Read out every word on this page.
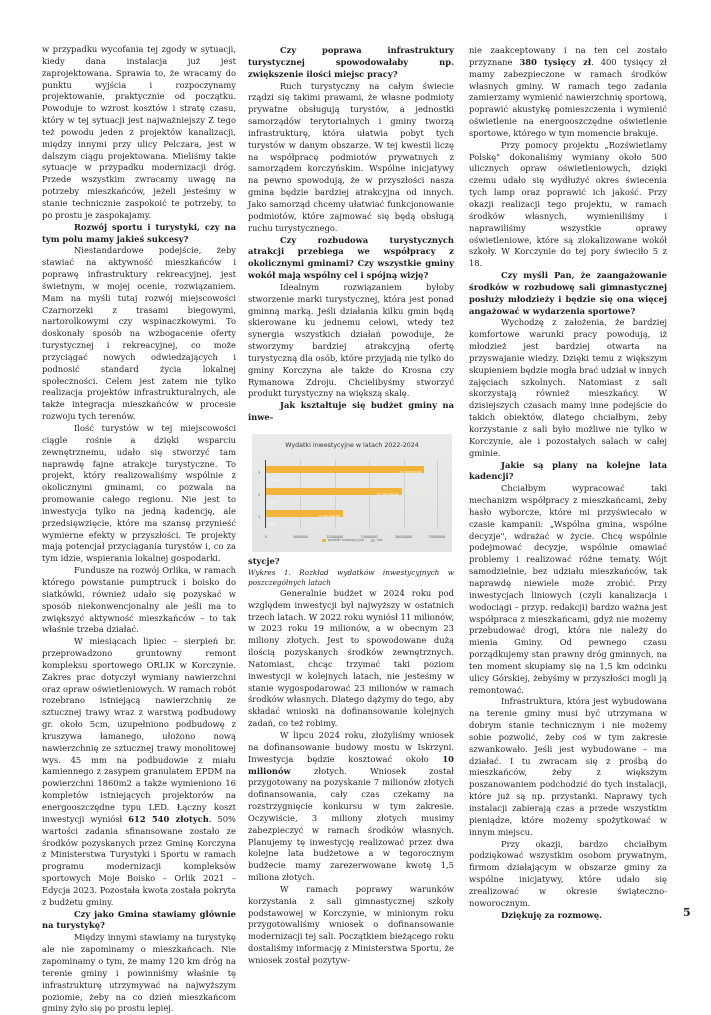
w przypadku wycofania tej zgody w sytuacji, kiedy dana instalacja już jest zaprojektowana. Sprawia to, że wracamy do punktu wyjścia i rozpoczynamy projektowanie, praktycznie od początku. Powoduje to wzrost kosztów i stratę czasu, który w tej sytuacji jest najważniejszy Z tego też powodu jeden z projektów kanalizacji, między innymi przy ulicy Pelczara, jest w dalszym ciągu projektowana. Mieliśmy takie sytuacje w przypadku modernizacji dróg. Przede wszystkim zwracamy uwagę na potrzeby mieszkańców, jeżeli jesteśmy w stanie technicznie zaspokoić te potrzeby, to po prostu je zaspokajamy.

Rozwój sportu i turystyki, czy na tym polu mamy jakieś sukcesy?

Niestandardowe podejście, żeby stawiać na aktywność mieszkańców i poprawę infrastruktury rekreacyjnej, jest świetnym, w mojej ocenie, rozwiązaniem. Mam na myśli tutaj rozwój miejscowości Czarnorzeki z trasami biegowymi, nartorolkowymi czy wspinaczkowymi. To doskonały sposób na wzbogacenie oferty turystycznej i rekreacyjnej, co może przyciągać nowych odwiedzających i podnosić standard życia lokalnej społeczności. Celem jest zatem nie tylko realizacja projektów infrastrukturalnych, ale także integracja mieszkańców w procesie rozwoju tych terenów.

Ilość turystów w tej miejscowości ciągle rośnie a dzięki wsparciu zewnętrznemu, udało się stworzyć tam naprawdę fajne atrakcje turystyczne. To projekt, który realizowaliśmy wspólnie z okolicznymi gminami, co pozwala na promowanie całego regionu. Nie jest to inwestycja tylko na jedną kadencję, ale przedsięwzięcie, które ma szansę przynieść wymierne efekty w przyszłości. Te projekty mają potencjał przyciągania turystów i, co za tym idzie, wspierania lokalnej gospodarki.

Fundusze na rozwój Orlika, w ramach którego powstanie pumptruck i boisko do siatkówki, również udało się pozyskać w sposób niekonwencjonalny ale jeśli ma to zwiększyć aktywność mieszkańców – to tak właśnie trzeba działać.

W miesiącach lipiec – sierpień br. przeprowadzono gruntowny remont kompleksu sportowego ORLIK w Korczynie. Zakres prac dotyczył wymiany nawierzchni oraz opraw oświetleniowych. W ramach robót rozebrano istniejącą nawierzchnię ze sztucznej trawy wraz z warstwą podbudowy gr. około 5cm, uzupełniono podbudowę z kruszywa łamanego, ułożono nową nawierzchnię ze sztucznej trawy monolitowej wys. 45 mm na podbudowie z miału kamiennego z zasypem granulatem EPDM na powierzchni 1860m2 a także wymieniono 16 kompletów istniejących projektorów na energooszczędne typu LED. Łączny koszt inwestycji wyniósł 612 540 złotych. 50% wartości zadania sfinansowane zostało ze środków pozyskanych przez Gminę Korczyna z Ministerstwa Turystyki i Sportu w ramach programu modernizacji kompleksów sportowych Moje Boisko – Orlik 2021 – Edycja 2023. Pozostała kwota została pokryta z budżetu gminy.

Czy jako Gmina stawiamy głównie na turystykę?

Między innymi stawiamy na turystykę ale nie zapominamy o mieszkańcach. Nie zapominamy o tym, że mamy 120 km dróg na terenie gminy i powinniśmy właśnie tę infrastrukturę utrzymywać na najwyższym poziomie, żeby na co dzień mieszkańcom gminy żyło się po prostu lepiej.

Czy poprawa infrastruktury turystycznej spowodowałaby np. zwiększenie ilości miejsc pracy?

Ruch turystyczny na całym świecie rządzi się takimi prawami, że własne podmioty prywatne obsługują turystów, a jednostki samorządów terytorialnych i gminy tworzą infrastrukturę, która ułatwia pobyt tych turystów w danym obszarze. W tej kwestii liczę na współpracę podmiotów prywatnych z samorządem korczyńskim. Wspólne inicjatywy na pewno spowodują, że w przyszłości nasza gmina będzie bardziej atrakcyjna od innych. Jako samorząd chcemy ułatwiać funkcjonowanie podmiotów, które zajmować się będą obsługą ruchu turystycznego.

Czy rozbudowa turystycznych atrakcji przebiega we współpracy z okolicznymi gminami? Czy wszystkie gminy wokół mają wspólny cel i spójną wizję?

Idealnym rozwiązaniem byłoby stworzenie marki turystycznej, która jest ponad gminną marką. Jeśli działania kilku gmin będą skierowane ku jednemu celowi, wtedy też synergia wszystkich działań powoduje, że stworzymy bardziej atrakcyjną ofertę turystyczną dla osób, które przyjadą nie tylko do gminy Korczyna ale także do Krosna czy Rymanowa Zdroju. Chcielibyśmy stworzyć produkt turystyczny na większą skalę.

Jak kształtuje się budżet gminy na inwe-

Wydatki inwestycyjne w latach 2022-2024
3	23 000 000,00
2024
2	19 700 000,00
2023
1	11 200 000,00
2022
0	5000000	10000000	15000000	20000000	25000000
wydatki inwestycyjne	rok

stycje?

Wykres 1. Rozkład wydatków inwestycyjnych w poszczególnych latach

Generalnie budżet w 2024 roku pod względem inwestycji był najwyższy w ostatnich trzech latach. W 2022 roku wyniósł 11 milionów, w 2023 roku 19 milionów, a w obecnym 23 miliony złotych. Jest to spowodowane dużą ilością pozyskanych środków zewnętrznych. Natomiast, chcąc trzymać taki poziom inwestycji w kolejnych latach, nie jesteśmy w stanie wygospodarować 23 milionów w ramach środków własnych. Dlatego dążymy do tego, aby składać wnioski na dofinansowanie kolejnych zadań, co też robimy.

W lipcu 2024 roku, złożyliśmy wniosek na dofinansowanie budowy mostu w Iskrzyni. Inwestycja będzie kosztować około 10 milionów złotych. Wniosek został przygotowany na pozyskanie 7 milionów złotych dofinansowania, cały czas czekamy na rozstrzygnięcie konkursu w tym zakresie. Oczywiście, 3 miliony złotych musimy zabezpieczyć w ramach środków własnych. Planujemy tę inwestycję realizować przez dwa kolejne lata budżetowe a w tegorocznym budżecie mamy zarezerwowane kwotę 1,5 miliona złotych.

W ramach poprawy warunków korzystania z sali gimnastycznej szkoły podstawowej w Korczynie, w minionym roku przygotowaliśmy wniosek o dofinansowanie modernizacji tej sali. Początkiem bieżącego roku dostaliśmy informację z Ministerstwa Sportu, że wniosek został pozytyw-

nie zaakceptowany i na ten cel zostało przyznane 380 tysięcy zł. 400 tysięcy zł mamy zabezpieczone w ramach środków własnych gminy. W ramach tego zadania zamierzamy wymienić nawierzchnię sportową, poprawić akustykę pomieszczenia i wymienić oświetlenie na energooszczędne oświetlenie sportowe, którego w tym momencie brakuje.

Przy pomocy projektu „Rozświetlamy Polskę" dokonaliśmy wymiany około 500 ulicznych opraw oświetleniowych, dzięki czemu udało się wydłużyć okres świecenia tych lamp oraz poprawić ich jakość. Przy okazji realizacji tego projektu, w ramach środków własnych, wymieniliśmy i naprawiliśmy wszystkie oprawy oświetleniowe, które są zlokalizowane wokół szkoły. W Korczynie do tej pory świeciło 5 z 18.

Czy myśli Pan, że zaangażowanie środków w rozbudowę sali gimnastycznej posłuży młodzieży i będzie się ona więcej angażować w wydarzenia sportowe?

Wychodzę z założenia, że bardziej komfortowe warunki pracy powodują, iż młodzież jest bardziej otwarta na przyswajanie wiedzy. Dzięki temu z większym skupieniem będzie mogła brać udział w innych zajęciach szkolnych. Natomiast z sali skorzystają również mieszkańcy. W dzisiejszych czasach mamy inne podejście do takich obiektów, dlatego chciałbym, żeby korzystanie z sali było możliwe nie tylko w Korczynie, ale i pozostałych salach w całej gminie.

Jakie są plany na kolejne lata kadencji?

Chciałbym wypracować taki mechanizm współpracy z mieszkańcami, żeby hasło wyborcze, które mi przyświecało w czasie kampanii: „Wspólna gmina, wspólne decyzje", wdrażać w życie. Chcę wspólnie podejmować decyzje, wspólnie omawiać problemy i realizować różne tematy. Wójt samodzielnie, bez udziału mieszkańców, tak naprawdę niewiele może zrobić. Przy inwestycjach liniowych (czyli kanalizacja i wodociągi – przyp. redakcji) bardzo ważna jest współpraca z mieszkańcami, gdyż nie możemy przebudować drogi, która nie należy do mienia Gminy. Od pewnego czasu porządkujemy stan prawny dróg gminnych, na ten moment skupiamy się na 1,5 km odcinku ulicy Górskiej, żebyśmy w przyszłości mogli ją remontować.

Infrastruktura, która jest wybudowana na terenie gminy musi być utrzymana w dobrym stanie technicznym i nie możemy sobie pozwolić, żeby coś w tym zakresie szwankowało. Jeśli jest wybudowane – ma działać. I tu zwracam się z prośbą do mieszkańców, żeby z większym poszanowaniem podchodzić do tych instalacji, które już są np. przystanki. Naprawy tych instalacji zabierają czas a przede wszystkim pieniądze, które możemy spożytkować w innym miejscu.

Przy okazji, bardzo chciałbym podziękować wszystkim osobom prywatnym, firmom działającym w obszarze gminy za wspólne inicjatywy, które udało się zrealizować w okresie świąteczno-noworocznym.

Dziękuję za rozmowę.	5
